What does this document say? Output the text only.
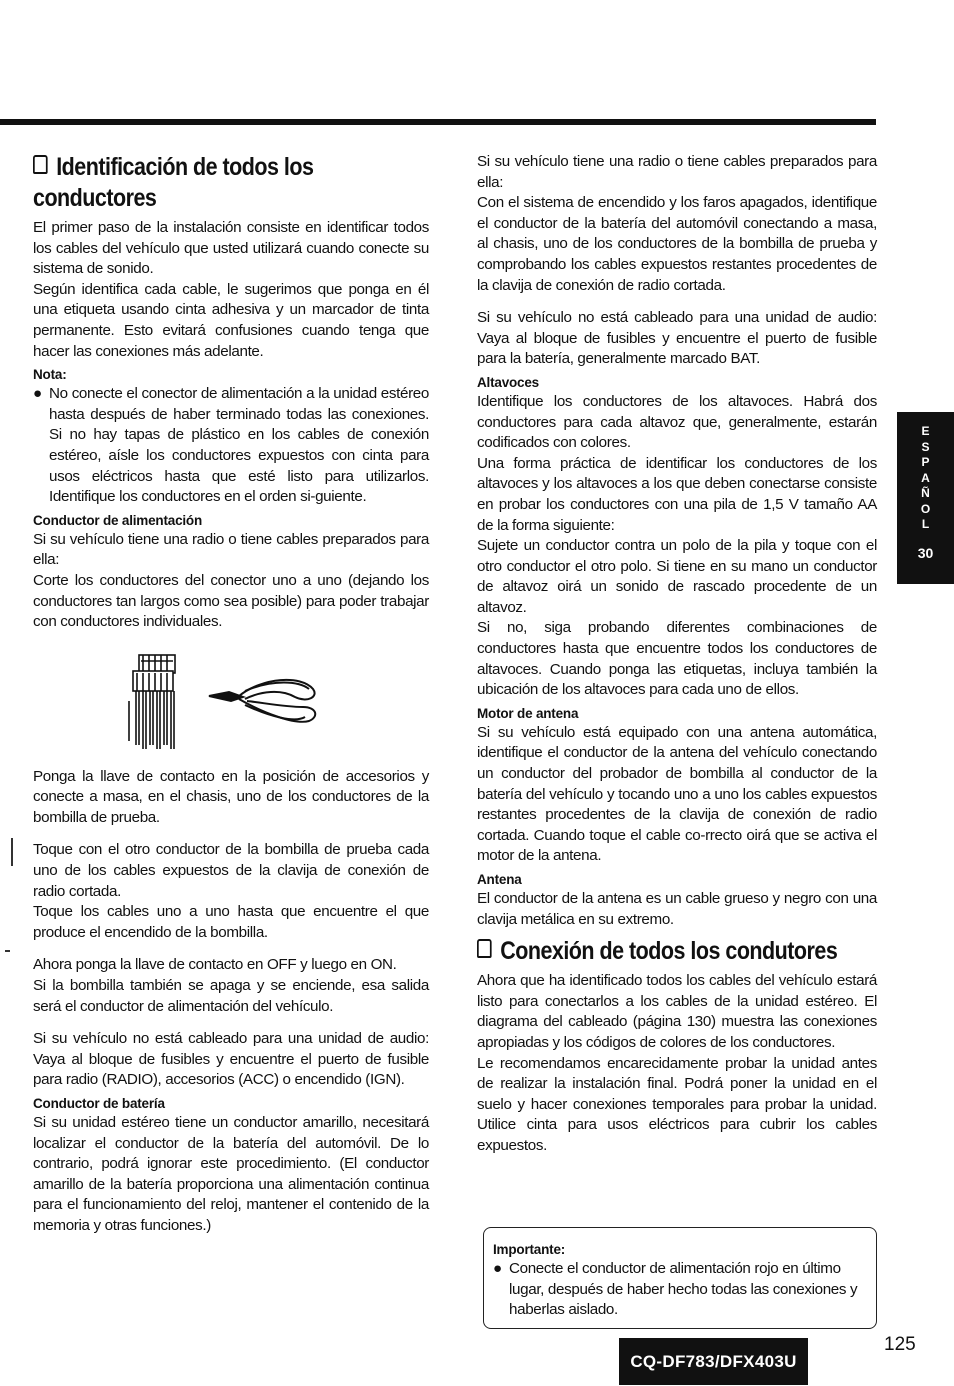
Identificación de todos los
conductores

El primer paso de la instalación consiste en identificar todos los cables del vehículo que usted utilizará cuando conecte su sistema de sonido.

Según identifica cada cable, le sugerimos que ponga en él una etiqueta usando cinta adhesiva y un marcador de tinta permanente. Esto evitará confusiones cuando tenga que hacer las conexiones más adelante.

Nota:
● No conecte el conector de alimentación a la unidad estéreo hasta después de haber terminado todas las conexiones. Si no hay tapas de plástico en los cables de conexión estéreo, aísle los conductores expuestos con cinta para usos eléctricos hasta que esté listo para utilizarlos. Identifique los conductores en el orden si-guiente.
Conductor de alimentación

Si su vehículo tiene una radio o tiene cables preparados para ella:

Corte los conductores del conector uno a uno (dejando los conductores tan largos como sea posible) para poder trabajar con conductores individuales.

Ponga la llave de contacto en la posición de accesorios y conecte a masa, en el chasis, uno de los conductores de la bombilla de prueba.

Toque con el otro conductor de la bombilla de prueba cada uno de los cables expuestos de la clavija de conexión de radio cortada.

Toque los cables uno a uno hasta que encuentre el que produce el encendido de la bombilla.

Ahora ponga la llave de contacto en OFF y luego en ON.

Si la bombilla también se apaga y se enciende, esa salida será el conductor de alimentación del vehículo.

Si su vehículo no está cableado para una unidad de audio: Vaya al bloque de fusibles y encuentre el puerto de fusible para radio (RADIO), accesorios (ACC) o encendido (IGN).

Conductor de batería

Si su unidad estéreo tiene un conductor amarillo, necesitará localizar el conductor de la batería del automóvil. De lo contrario, podrá ignorar este procedimiento. (El conductor amarillo de la batería proporciona una alimentación continua para el funcionamiento del reloj, mantener el contenido de la memoria y otras funciones.)

Si su vehículo tiene una radio o tiene cables preparados para ella:

Con el sistema de encendido y los faros apagados, identifique el conductor de la batería del automóvil conectando a masa, al chasis, uno de los conductores de la bombilla de prueba y comprobando los cables expuestos restantes procedentes de la clavija de conexión de radio cortada.

Si su vehículo no está cableado para una unidad de audio: Vaya al bloque de fusibles y encuentre el puerto de fusible para la batería, generalmente marcado BAT.

Altavoces

Identifique los conductores de los altavoces. Habrá dos conductores para cada altavoz que, generalmente, estarán codificados con colores.

Una forma práctica de identificar los conductores de los altavoces y los altavoces a los que deben conectarse consiste en probar los conductores con una pila de 1,5 V tamaño AA de la forma siguiente:

Sujete un conductor contra un polo de la pila y toque con el otro conductor el otro polo. Si tiene en su mano un conductor de altavoz oirá un sonido de rascado procedente de un altavoz.

Si no, siga probando diferentes combinaciones de conductores hasta que encuentre todos los conductores de altavoces. Cuando ponga las etiquetas, incluya también la ubicación de los altavoces para cada uno de ellos.

Motor de antena

Si su vehículo está equipado con una antena automática, identifique el conductor de la antena del vehículo conectando un conductor del probador de bombilla al conductor de la batería del vehículo y tocando uno a uno los cables expuestos restantes procedentes de la clavija de conexión de radio cortada. Cuando toque el cable co-rrecto oirá que se activa el motor de la antena.

Antena

El conductor de la antena es un cable grueso y negro con una clavija metálica en su extremo.

Conexión de todos los condutores

Ahora que ha identificado todos los cables del vehículo estará listo para conectarlos a los cables de la unidad estéreo. El diagrama del cableado (página 130) muestra las conexiones apropiadas y los códigos de colores de los conductores.

Le recomendamos encarecidamente probar la unidad antes de realizar la instalación final. Podrá poner la unidad en el suelo y hacer conexiones temporales para probar la unidad. Utilice cinta para usos eléctricos para cubrir los cables expuestos.

Importante:
● Conecte el conductor de alimentación rojo en último lugar, después de haber hecho todas las conexiones y haberlas aislado.
E
S
P
A
Ñ
O
L
30
CQ-DF783/DFX403U
125
